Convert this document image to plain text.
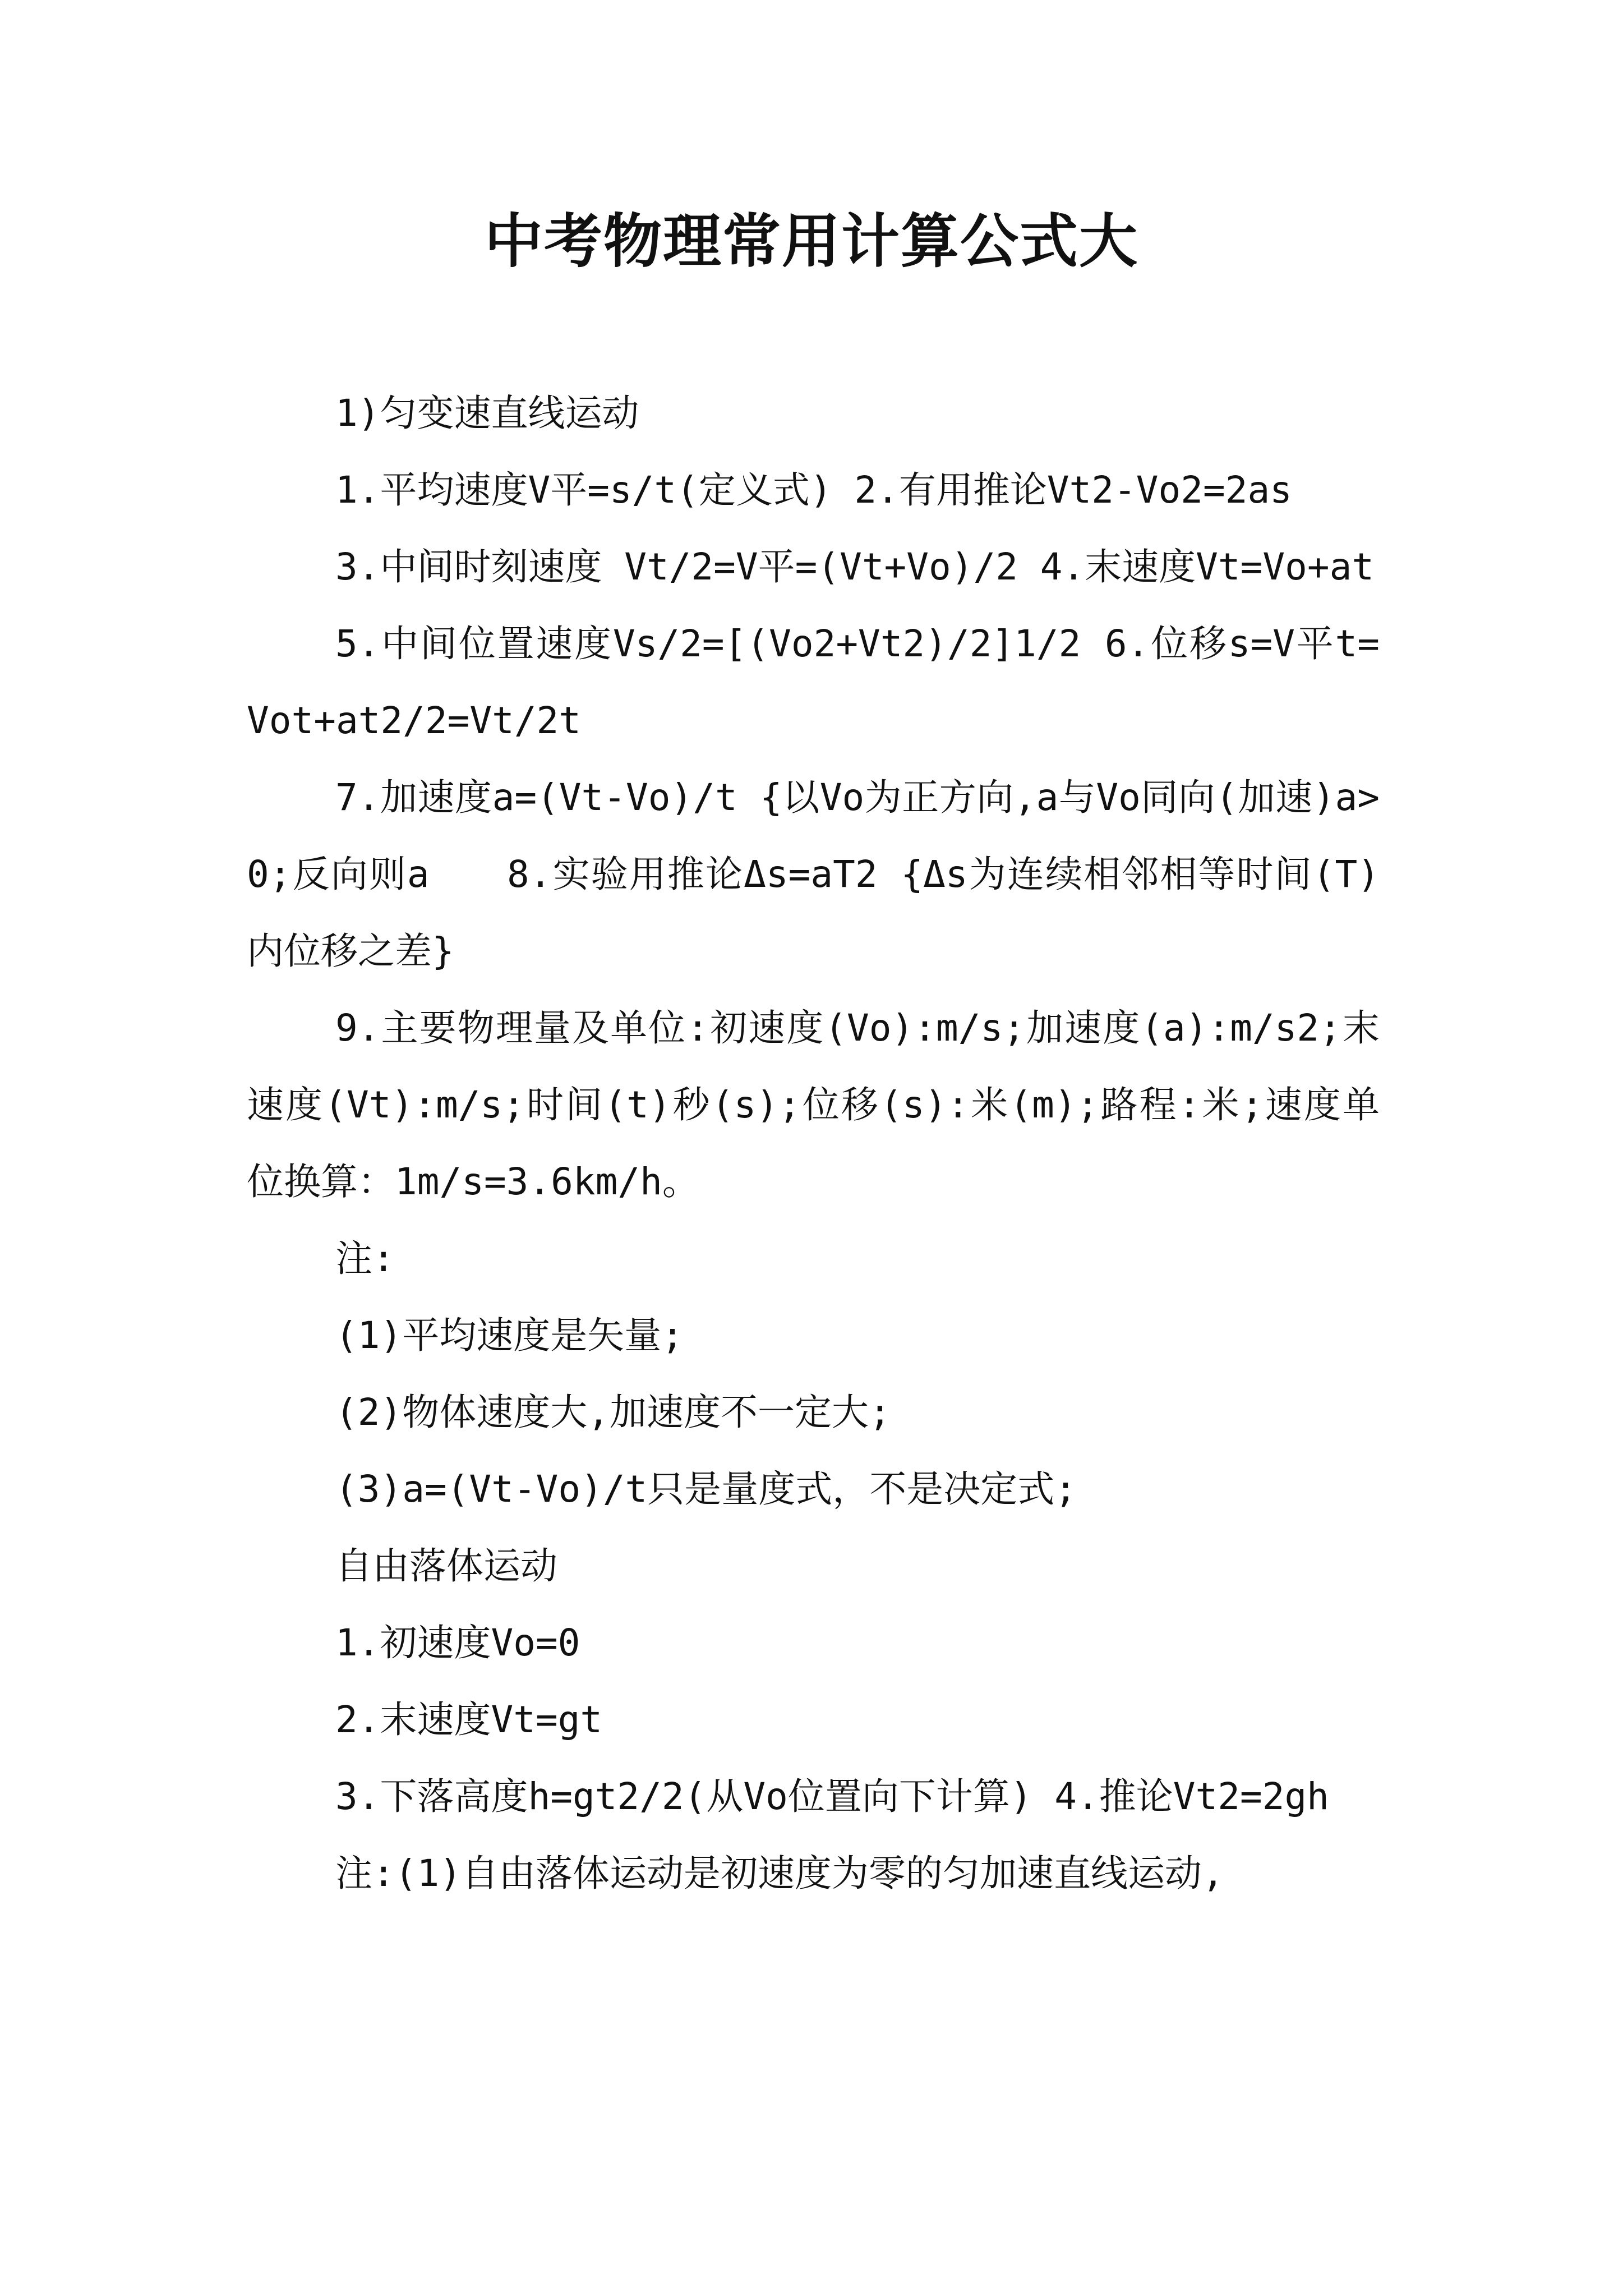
中考物理常用计算公式大

1)匀变速直线运动

1.平均速度V平=s/t(定义式) 2.有用推论Vt2-Vo2=2as

3.中间时刻速度 Vt/2=V平=(Vt+Vo)/2 4.末速度Vt=Vo+at

5.中间位置速度Vs/2=[(Vo2+Vt2)/2]1/2 6.位移s=V平t=Vot+at2/2=Vt/2t

7.加速度a=(Vt-Vo)/t {以Vo为正方向,a与Vo同向(加速)a>0;反向则a　　8.实验用推论Δs=aT2 {Δs为连续相邻相等时间(T)内位移之差}

9.主要物理量及单位:初速度(Vo):m/s;加速度(a):m/s2;末速度(Vt):m/s;时间(t)秒(s);位移(s):米(m);路程:米;速度单位换算：1m/s=3.6km/h。

注:

(1)平均速度是矢量;

(2)物体速度大,加速度不一定大;

(3)a=(Vt-Vo)/t只是量度式，不是决定式;

自由落体运动

1.初速度Vo=0

2.末速度Vt=gt

3.下落高度h=gt2/2(从Vo位置向下计算) 4.推论Vt2=2gh

注:(1)自由落体运动是初速度为零的匀加速直线运动,
